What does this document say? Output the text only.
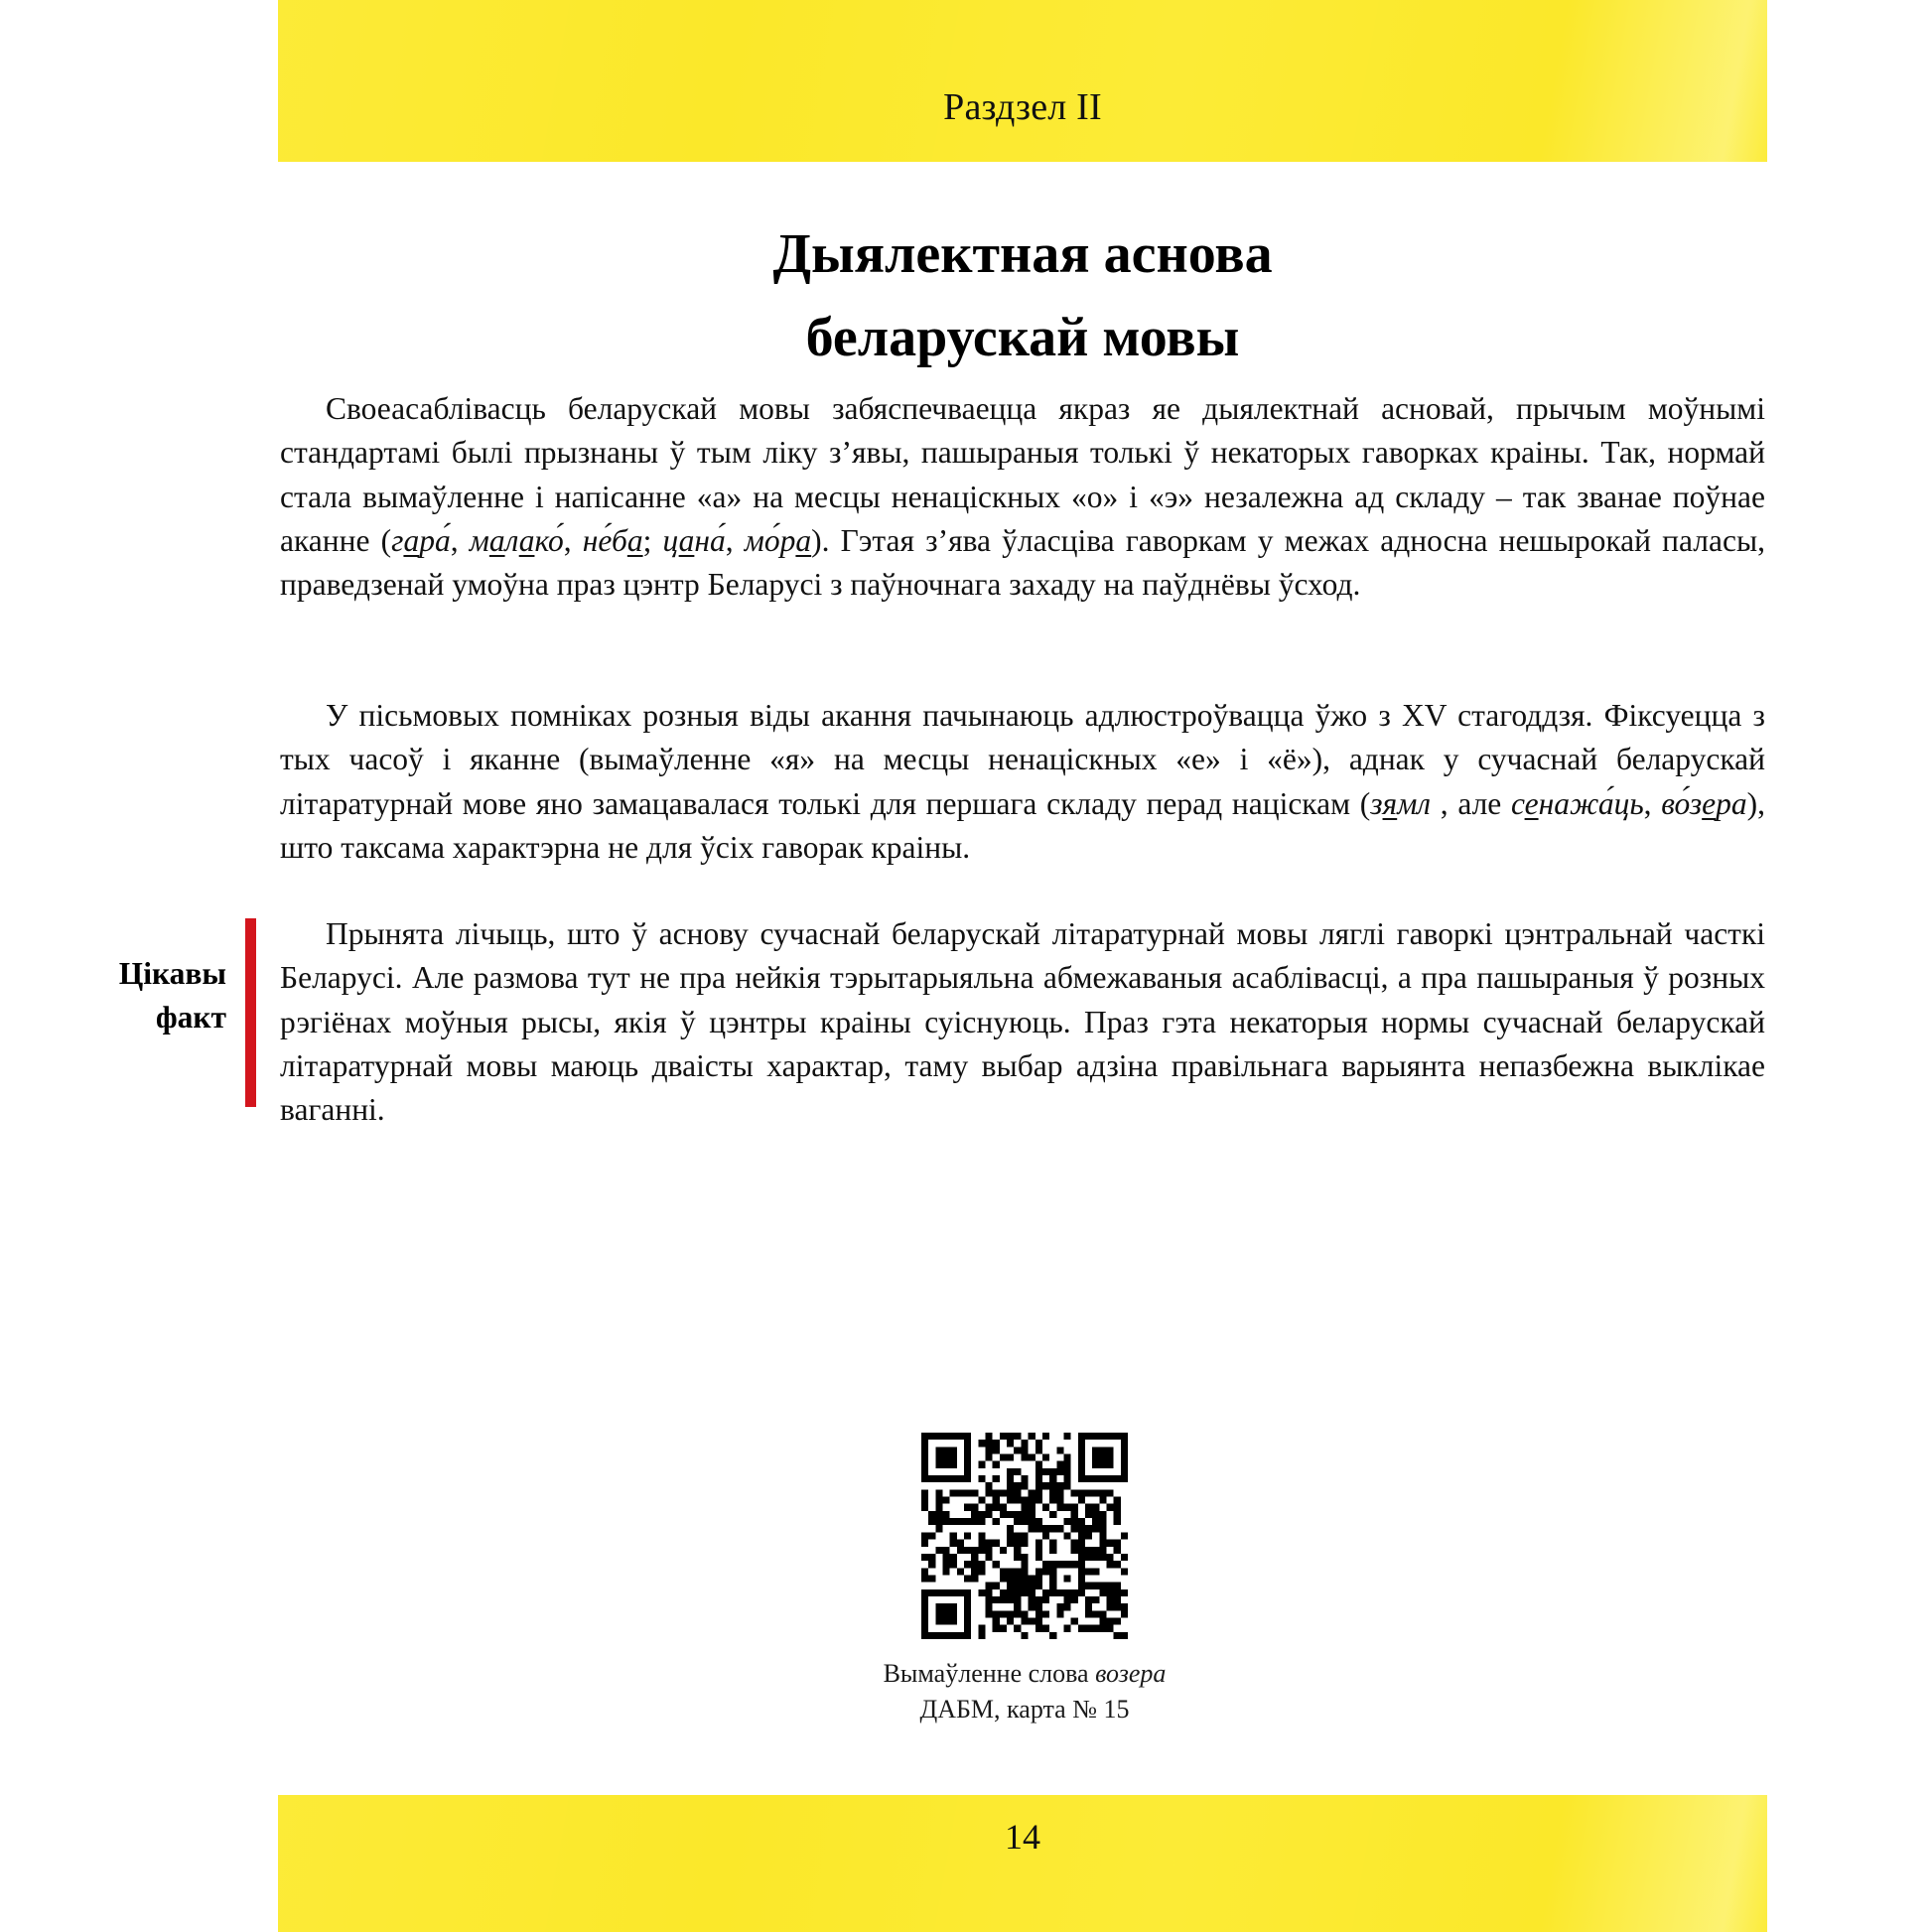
Раздзел II
Дыялектная аснова
беларускай мовы

Своеасаблівасць беларускай мовы забяспечваецца якраз яе дыялектнай асновай, прычым моўнымі стандартамі былі прызнаны ў тым ліку з’явы, пашыраныя толькі ў некаторых гаворках краіны. Так, нормай стала вымаўленне і напісанне «а» на месцы ненаціскных «о» і «э» незалежна ад складу – так званае поўнае аканне (гара́, малако́, не́ба; цана́, мо́ра). Гэтая з’ява ўласціва гаворкам у межах адносна нешырокай паласы, праведзенай умоўна праз цэнтр Беларусі з паўночнага захаду на паўднёвы ўсход.

У пісьмовых помніках розныя віды акання пачынаюць адлюстроўвацца ўжо з XV стагоддзя. Фіксуецца з тых часоў і яканне (вымаўленне «я» на месцы ненаціскных «е» і «ё»), аднак у сучаснай беларускай літаратурнай мове яно замацавалася толькі для першага складу перад націскам (зямл , але сенажа́ць, во́зера), што таксама характэрна не для ўсіх гаворак краіны.

Прынята лічыць, што ў аснову сучаснай беларускай літаратурнай мовы ляглі гаворкі цэнтральнай часткі Беларусі. Але размова тут не пра нейкія тэрытарыяльна абмежаваныя асаблівасці, а пра пашыраныя ў розных рэгіёнах моўныя рысы, якія ў цэнтры краіны суіснуюць. Праз гэта некаторыя нормы сучаснай беларускай літаратурнай мовы маюць дваісты характар, таму выбар адзіна правільнага варыянта непазбежна выклікае ваганні.

Цікавы
факт
Вымаўленне слова возера
ДАБМ, карта № 15
14
